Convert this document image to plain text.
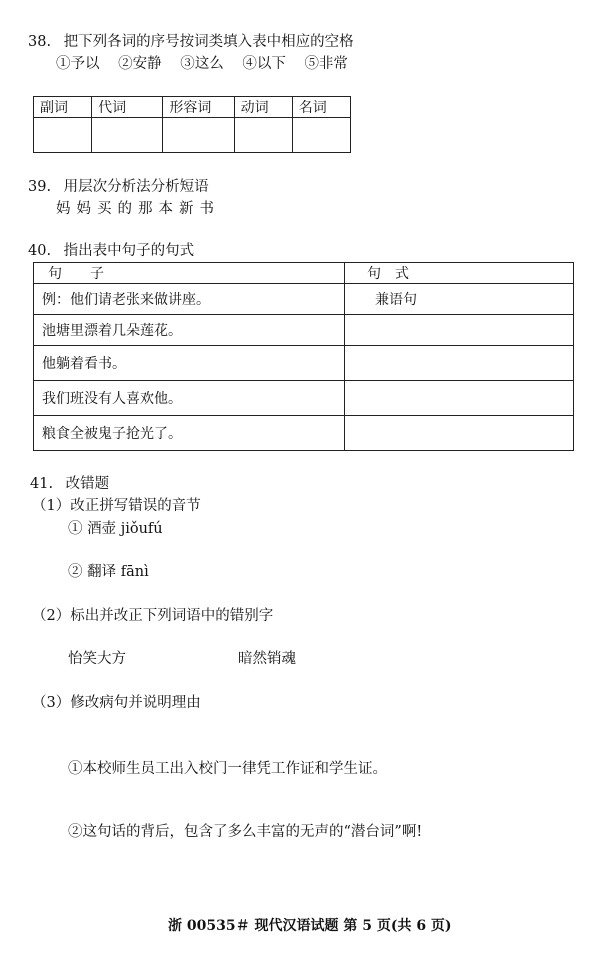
38. 把下列各词的序号按词类填入表中相应的空格
①予以 ②安静 ③这么 ④以下 ⑤非常
副词	代词	形容词	动词	名词

39. 用层次分析法分析短语
妈妈买的那本新书
40. 指出表中句子的句式
句　　子	句　式
例：他们请老张来做讲座。	兼语句
池塘里漂着几朵莲花。	
他躺着看书。	
我们班没有人喜欢他。	
粮食全被鬼子抢光了。	
41. 改错题
（1）改正拼写错误的音节
① 酒壶 jiǒufú
② 翻译 fānì
（2）标出并改正下列词语中的错别字
怡笑大方	暗然销魂
（3）修改病句并说明理由
①本校师生员工出入校门一律凭工作证和学生证。
②这句话的背后，包含了多么丰富的无声的“潜台词”啊!
浙 00535＃ 现代汉语试题 第 5 页(共 6 页)
